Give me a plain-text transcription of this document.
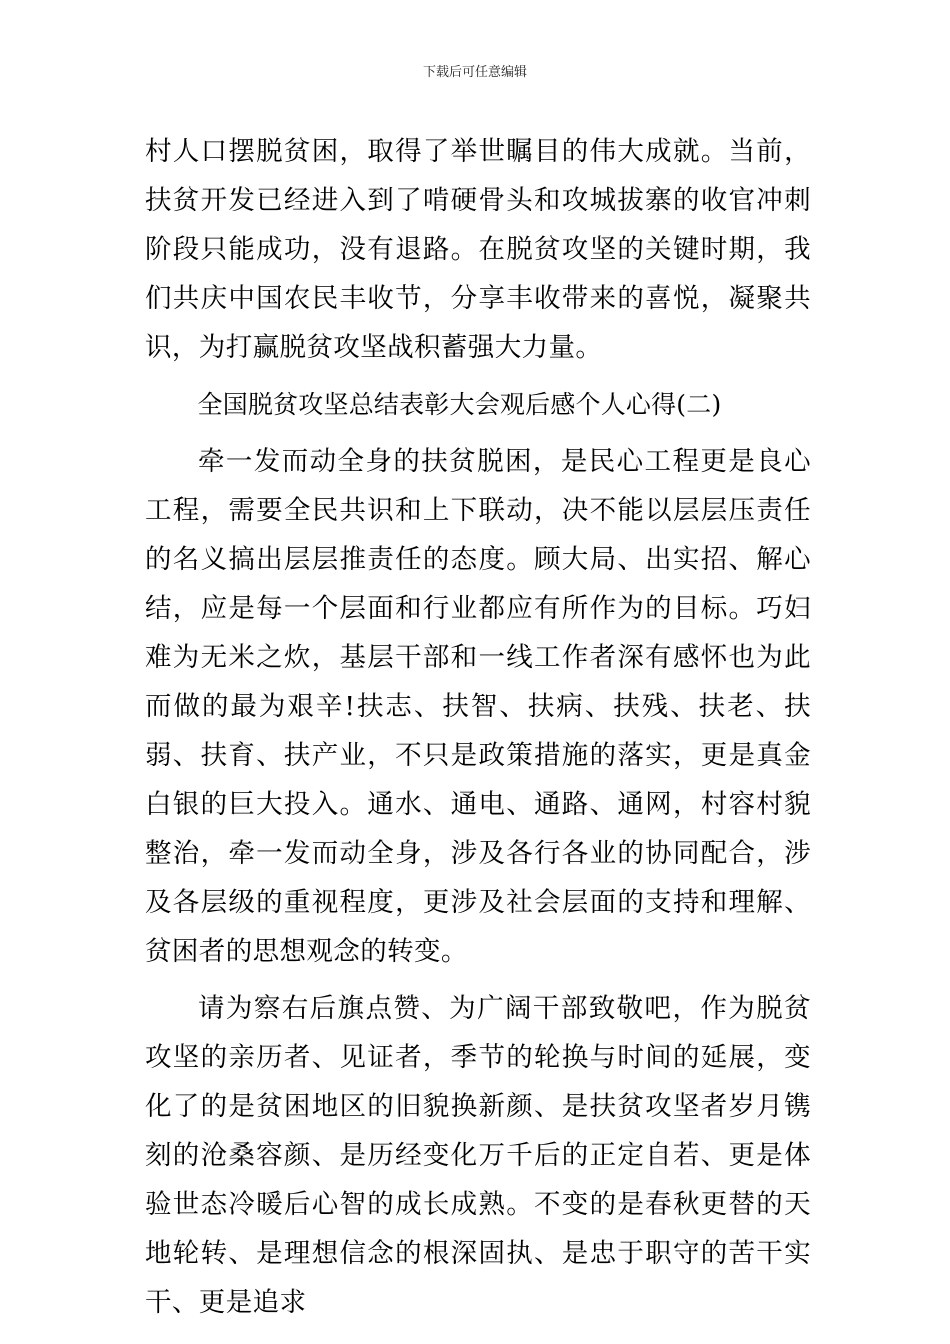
下载后可任意编辑

村人口摆脱贫困，取得了举世瞩目的伟大成就。当前，扶贫开发已经进入到了啃硬骨头和攻城拔寨的收官冲刺阶段只能成功，没有退路。在脱贫攻坚的关键时期，我们共庆中国农民丰收节，分享丰收带来的喜悦，凝聚共识，为打赢脱贫攻坚战积蓄强大力量。

全国脱贫攻坚总结表彰大会观后感个人心得(二)

牵一发而动全身的扶贫脱困，是民心工程更是良心工程，需要全民共识和上下联动，决不能以层层压责任的名义搞出层层推责任的态度。顾大局、出实招、解心结，应是每一个层面和行业都应有所作为的目标。巧妇难为无米之炊，基层干部和一线工作者深有感怀也为此而做的最为艰辛!扶志、扶智、扶病、扶残、扶老、扶弱、扶育、扶产业，不只是政策措施的落实，更是真金白银的巨大投入。通水、通电、通路、通网，村容村貌整治，牵一发而动全身，涉及各行各业的协同配合，涉及各层级的重视程度，更涉及社会层面的支持和理解、贫困者的思想观念的转变。

请为察右后旗点赞、为广阔干部致敬吧，作为脱贫攻坚的亲历者、见证者，季节的轮换与时间的延展，变化了的是贫困地区的旧貌换新颜、是扶贫攻坚者岁月镌刻的沧桑容颜、是历经变化万千后的正定自若、更是体验世态冷暖后心智的成长成熟。不变的是春秋更替的天地轮转、是理想信念的根深固执、是忠于职守的苦干实干、更是追求
